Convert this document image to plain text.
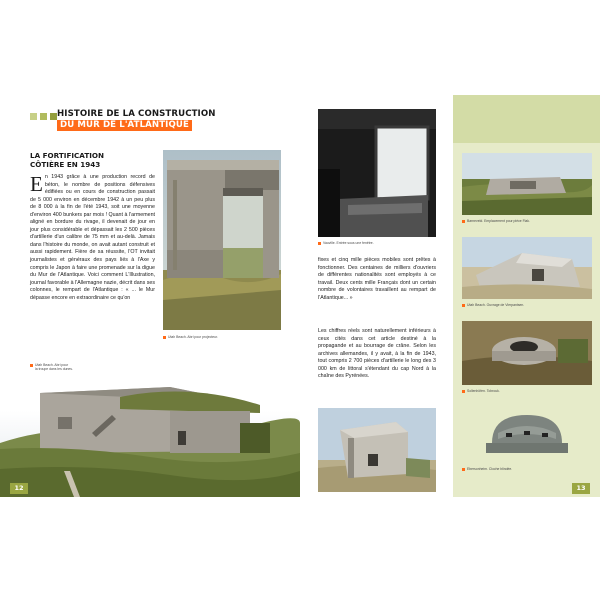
HISTOIRE DE LA CONSTRUCTION
DU MUR DE L'ATLANTIQUE
LA FORTIFICATION
CÔTIÈRE EN 1943

En 1943 grâce à une production record de béton, le nombre de positions défensives édifiées ou en cours de construction passait de 5 000 environ en décembre 1942 à un peu plus de 8 000 à la fin de l'été 1943, soit une moyenne d'environ 400 bunkers par mois ! Quant à l'armement aligné en bordure du rivage, il devenait de jour en jour plus considérable et dépassait les 2 500 pièces d'artillerie d'un calibre de 75 mm et au-delà. Jamais dans l'histoire du monde, on avait autant construit et aussi rapidement. Fière de sa réussite, l'OT invitait journalistes et généraux des pays liés à l'Axe y compris le Japon à faire une promenade sur la digue du Mur de l'Atlantique. Voici comment L'Illustration, journal favorable à l'Allemagne nazie, décrit dans ses colonnes, le rempart de l'Atlantique : « ... le Mur dépasse encore en extraordinaire ce qu'on

Utah Beach. Abri pour projecteur.

Utah Beach. Abri pour
la troupe dans les dunes.
12
Vauville. Entrée sous une fenêtre.

fixes et cinq mille pièces mobiles sont prêtes à fonctionner. Des centaines de milliers d'ouvriers de différentes nationalités sont employés à ce travail. Deux cents mille Français dont un certain nombre de volontaires travaillent au rempart de l'Atlantique... »

Les chiffres réels sont naturellement inférieurs à ceux cités dans cet article destiné à la propagande et au bourrage de crâne. Selon les archives allemandes, il y avait, à la fin de 1943, tout compris 2 700 pièces d'artillerie le long des 3 000 km de littoral s'étendant du cap Nord à la chaîne des Pyrénées.

Barneveld. Emplacement pour pièce Flak.
Utah Beach. Ouvrage de Vierpantsen.
Sollenhöfen. Tobrouk.
Ebersonheim. Cloche blindée.
13
